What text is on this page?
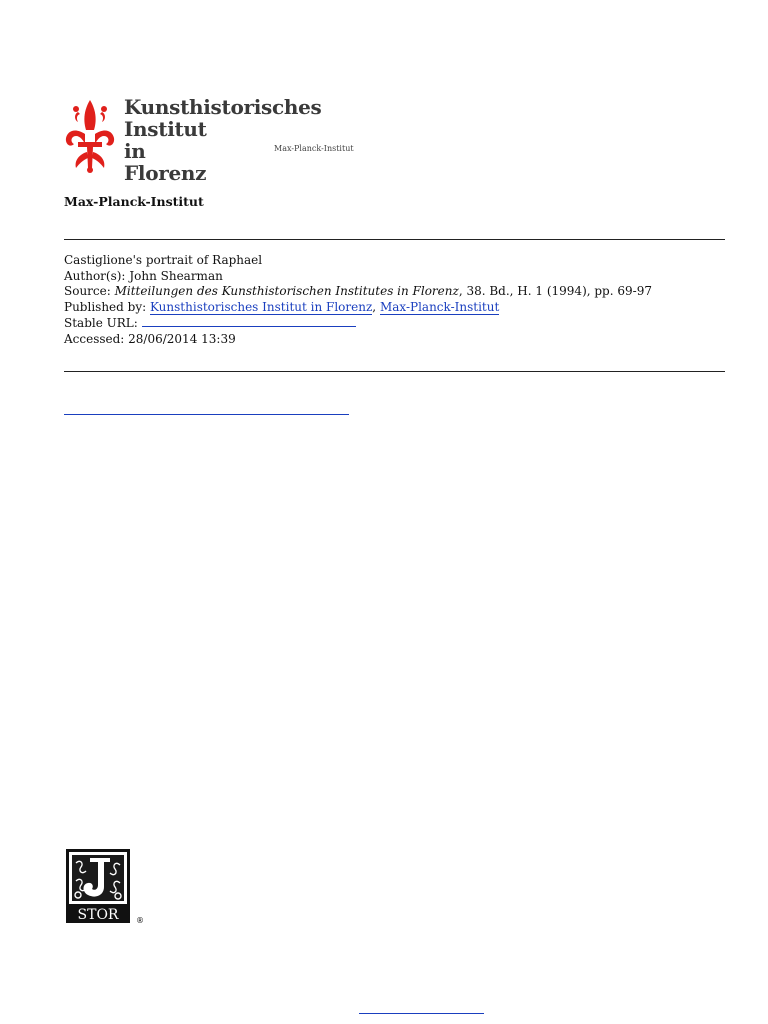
Kunsthistorisches
Institut
in
Florenz
Max-Planck-Institut
Max-Planck-Institut
Castiglione's portrait of Raphael
Author(s): John Shearman
Source: Mitteilungen des Kunsthistorischen Institutes in Florenz, 38. Bd., H. 1 (1994), pp. 69-97
Published by: Kunsthistorisches Institut in Florenz, Max-Planck-Institut
Stable URL:
Accessed: 28/06/2014 13:39
STOR ®
